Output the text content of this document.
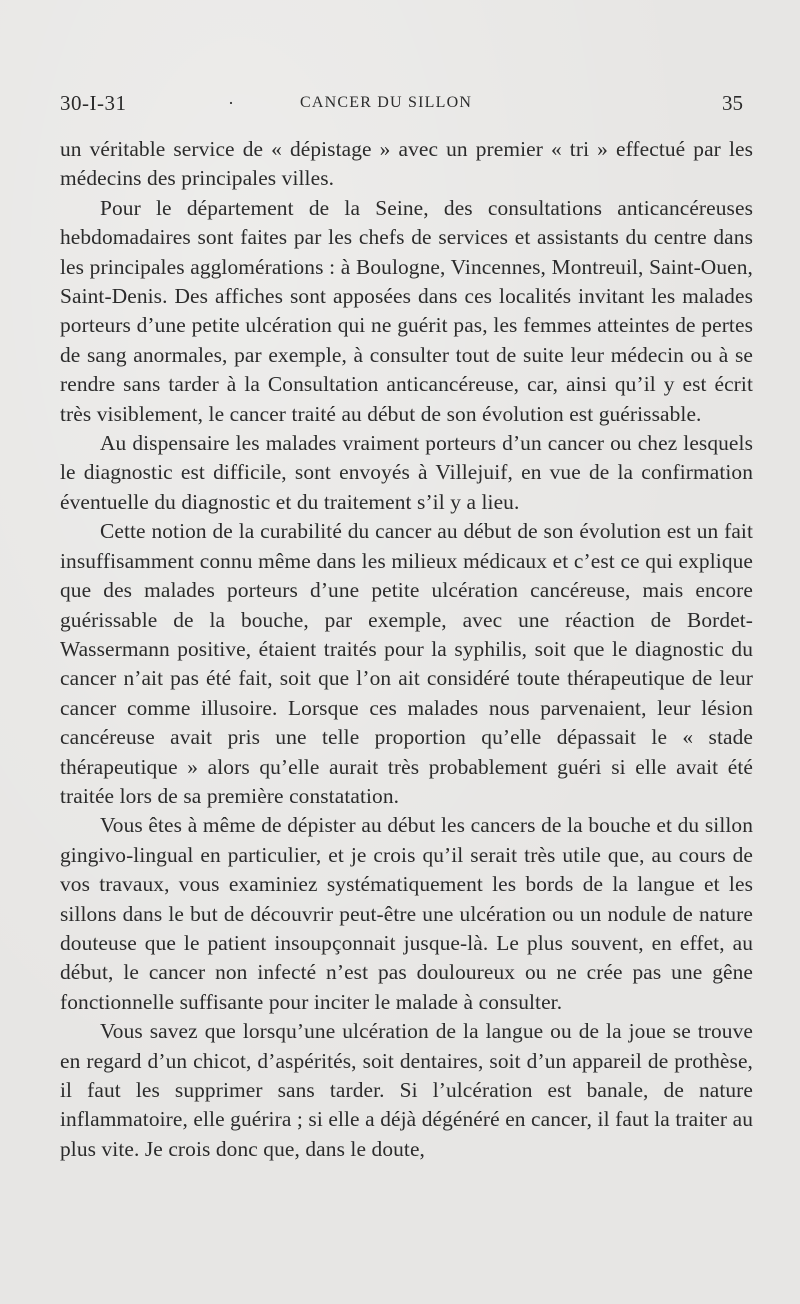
30-I-31	·	CANCER DU SILLON	35

un véritable service de « dépistage » avec un premier « tri » effectué par les médecins des principales villes.

Pour le département de la Seine, des consultations anticancéreuses hebdomadaires sont faites par les chefs de services et assistants du centre dans les principales agglomérations : à Boulogne, Vincennes, Montreuil, Saint-Ouen, Saint-Denis. Des affiches sont apposées dans ces localités invitant les malades porteurs d’une petite ulcération qui ne guérit pas, les femmes atteintes de pertes de sang anormales, par exemple, à consulter tout de suite leur médecin ou à se rendre sans tarder à la Consultation anticancéreuse, car, ainsi qu’il y est écrit très visiblement, le cancer traité au début de son évolution est guérissable.

Au dispensaire les malades vraiment porteurs d’un cancer ou chez lesquels le diagnostic est difficile, sont envoyés à Villejuif, en vue de la confirmation éventuelle du diagnostic et du traitement s’il y a lieu.

Cette notion de la curabilité du cancer au début de son évolution est un fait insuffisamment connu même dans les milieux médicaux et c’est ce qui explique que des malades porteurs d’une petite ulcération cancéreuse, mais encore guérissable de la bouche, par exemple, avec une réaction de Bordet-Wassermann positive, étaient traités pour la syphilis, soit que le diagnostic du cancer n’ait pas été fait, soit que l’on ait considéré toute thérapeutique de leur cancer comme illusoire. Lorsque ces malades nous parvenaient, leur lésion cancéreuse avait pris une telle proportion qu’elle dépassait le « stade thérapeutique » alors qu’elle aurait très probablement guéri si elle avait été traitée lors de sa première constatation.

Vous êtes à même de dépister au début les cancers de la bouche et du sillon gingivo-lingual en particulier, et je crois qu’il serait très utile que, au cours de vos travaux, vous examiniez systématiquement les bords de la langue et les sillons dans le but de découvrir peut-être une ulcération ou un nodule de nature douteuse que le patient insoupçonnait jusque-là. Le plus souvent, en effet, au début, le cancer non infecté n’est pas douloureux ou ne crée pas une gêne fonctionnelle suffisante pour inciter le malade à consulter.

Vous savez que lorsqu’une ulcération de la langue ou de la joue se trouve en regard d’un chicot, d’aspérités, soit dentaires, soit d’un appareil de prothèse, il faut les supprimer sans tarder. Si l’ulcération est banale, de nature inflammatoire, elle guérira ; si elle a déjà dégénéré en cancer, il faut la traiter au plus vite. Je crois donc que, dans le doute,
